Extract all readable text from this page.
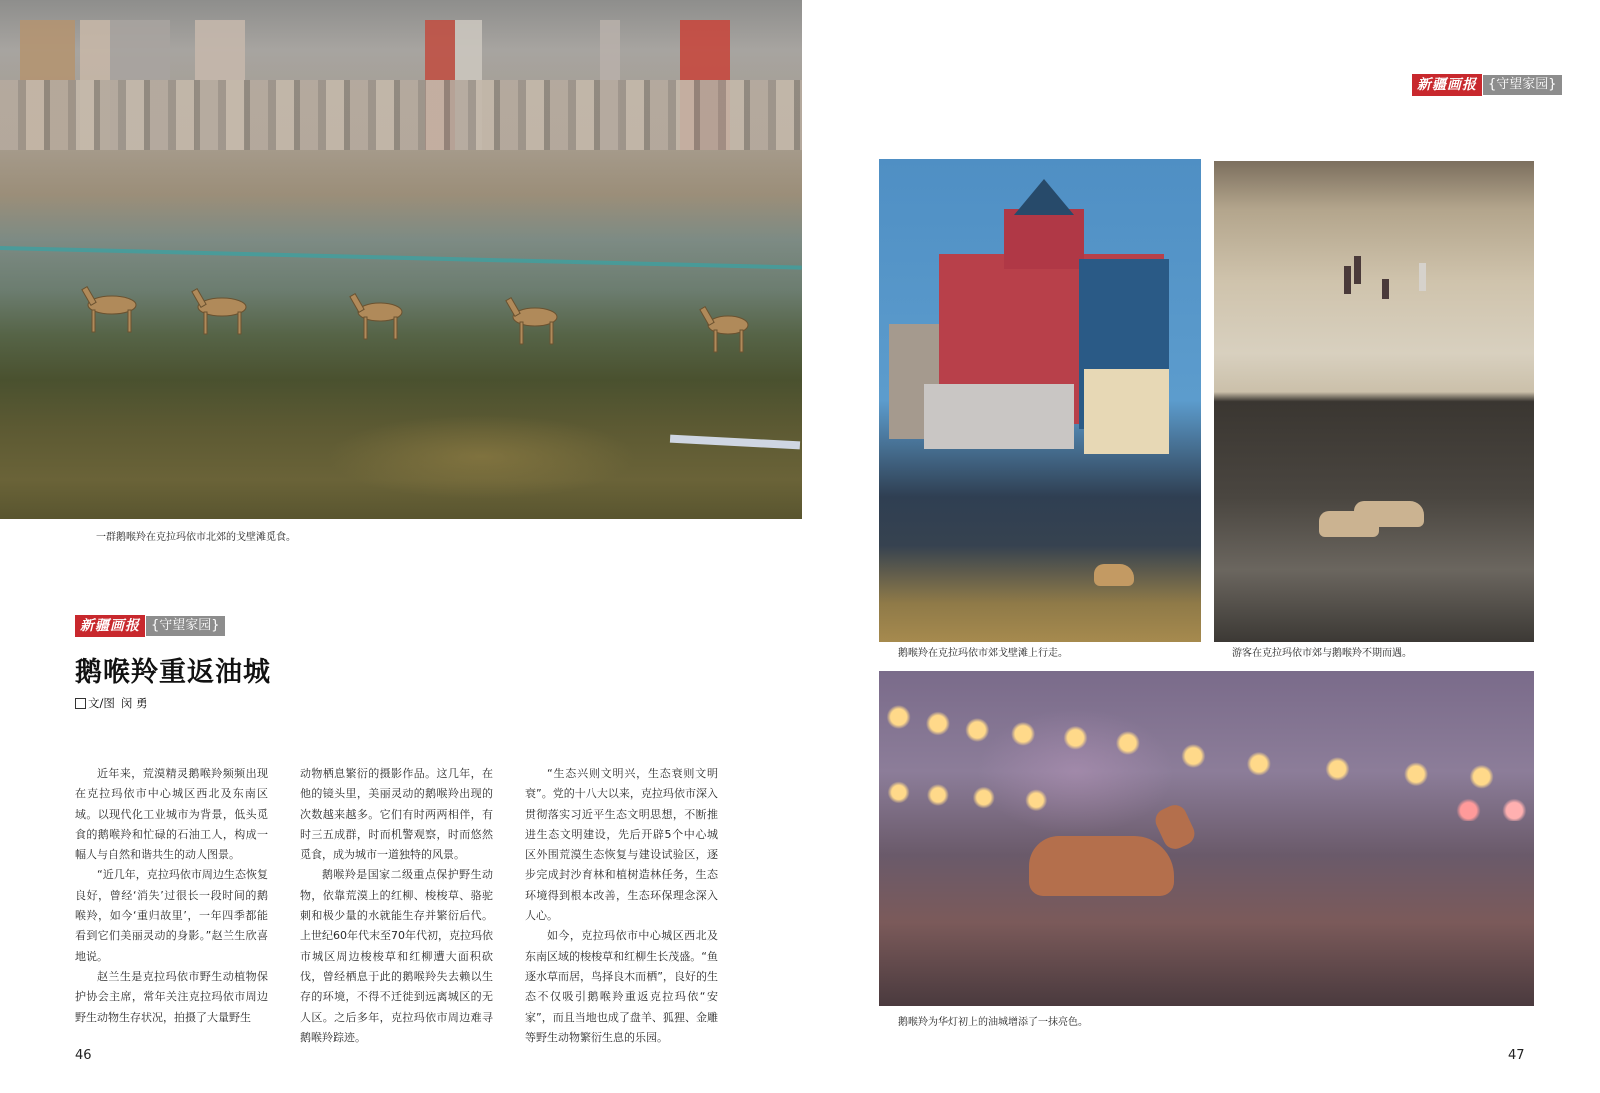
一群鹅喉羚在克拉玛依市北郊的戈壁滩觅食。
新疆画报 {守望家园}
鹅喉羚重返油城
文/图 闵 勇

近年来，荒漠精灵鹅喉羚频频出现在克拉玛依市中心城区西北及东南区域。以现代化工业城市为背景，低头觅食的鹅喉羚和忙碌的石油工人，构成一幅人与自然和谐共生的动人图景。

“近几年，克拉玛依市周边生态恢复良好，曾经‘消失’过很长一段时间的鹅喉羚，如今‘重归故里’，一年四季都能看到它们美丽灵动的身影。”赵兰生欣喜地说。

赵兰生是克拉玛依市野生动植物保护协会主席，常年关注克拉玛依市周边野生动物生存状况，拍摄了大量野生

动物栖息繁衍的摄影作品。这几年，在他的镜头里，美丽灵动的鹅喉羚出现的次数越来越多。它们有时两两相伴，有时三五成群，时而机警观察，时而悠然觅食，成为城市一道独特的风景。

鹅喉羚是国家二级重点保护野生动物，依靠荒漠上的红柳、梭梭草、骆驼刺和极少量的水就能生存并繁衍后代。上世纪60年代末至70年代初，克拉玛依市城区周边梭梭草和红柳遭大面积砍伐，曾经栖息于此的鹅喉羚失去赖以生存的环境，不得不迁徙到远离城区的无人区。之后多年，克拉玛依市周边难寻鹅喉羚踪迹。

“生态兴则文明兴，生态衰则文明衰”。党的十八大以来，克拉玛依市深入贯彻落实习近平生态文明思想，不断推进生态文明建设，先后开辟5个中心城区外围荒漠生态恢复与建设试验区，逐步完成封沙育林和植树造林任务，生态环境得到根本改善，生态环保理念深入人心。

如今，克拉玛依市中心城区西北及东南区域的梭梭草和红柳生长茂盛。“鱼逐水草而居，鸟择良木而栖”，良好的生态不仅吸引鹅喉羚重返克拉玛依“安家”，而且当地也成了盘羊、狐狸、金雕等野生动物繁衍生息的乐园。

46
新疆画报 {守望家园}
鹅喉羚在克拉玛依市郊戈壁滩上行走。	游客在克拉玛依市郊与鹅喉羚不期而遇。
鹅喉羚为华灯初上的油城增添了一抹亮色。
47
